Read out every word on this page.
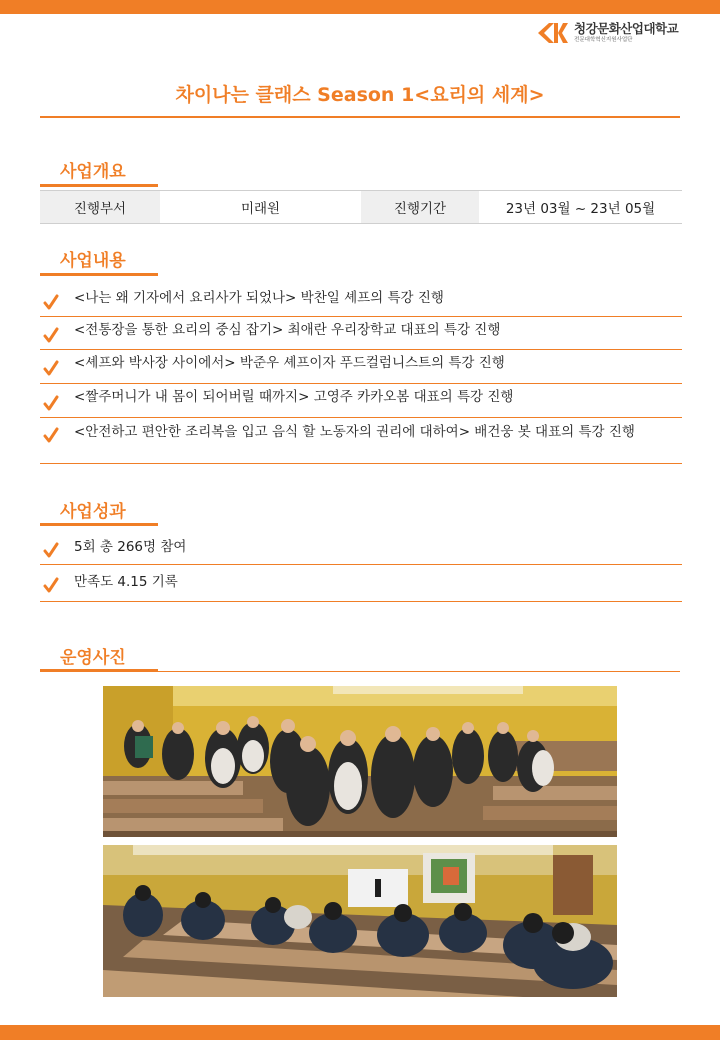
청강문화산업대학교
전문대학혁신지원사업단
차이나는 클래스 Season 1<요리의 세계>
사업개요
진행부서	미래원	진행기간	23년 03월 ~ 23년 05월
사업내용
<나는 왜 기자에서 요리사가 되었나> 박찬일 셰프의 특강 진행
<전통장을 통한 요리의 중심 잡기> 최애란 우리장학교 대표의 특강 진행
<셰프와 박사장 사이에서> 박준우 셰프이자 푸드컬럼니스트의 특강 진행
<짤주머니가 내 몸이 되어버릴 때까지> 고영주 카카오봄 대표의 특강 진행
<안전하고 편안한 조리복을 입고 음식 할 노동자의 권리에 대하여> 배건웅 봇 대표의 특강 진행
사업성과
5회 총 266명 참여
만족도 4.15 기록
운영사진
